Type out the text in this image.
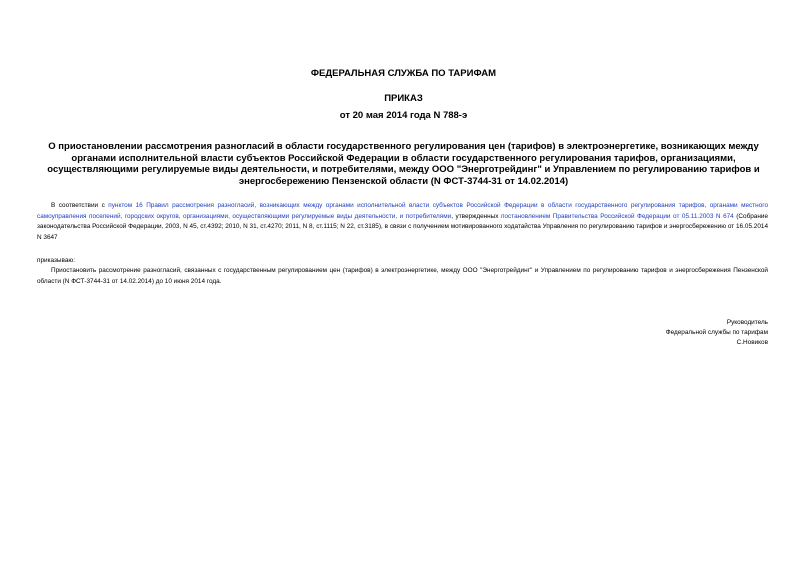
ФЕДЕРАЛЬНАЯ СЛУЖБА ПО ТАРИФАМ

ПРИКАЗ

от 20 мая 2014 года N 788-э

О приостановлении рассмотрения разногласий в области государственного регулирования цен (тарифов) в электроэнергетике, возникающих между органами исполнительной власти субъектов Российской Федерации в области государственного регулирования тарифов, организациями, осуществляющими регулируемые виды деятельности, и потребителями, между ООО "Энерготрейдинг" и Управлением по регулированию тарифов и энергосбережению Пензенской области (N ФСТ-3744-31 от 14.02.2014)

В соответствии с пунктом 16 Правил рассмотрения разногласий, возникающих между органами исполнительной власти субъектов Российской Федерации в области государственного регулирования тарифов, органами местного самоуправления поселений, городских округов, организациями, осуществляющими регулируемые виды деятельности, и потребителями, утвержденных постановлением Правительства Российской Федерации от 05.11.2003 N 674 (Собрание законодательства Российской Федерации, 2003, N 45, ст.4392; 2010, N 31, ст.4270; 2011, N 8, ст.1115; N 22, ст.3185), в связи с получением мотивированного ходатайства Управления по регулированию тарифов и энергосбережению от 16.05.2014 N 3647

приказываю:

Приостановить рассмотрение разногласий, связанных с государственным регулированием цен (тарифов) в электроэнергетике, между ООО "Энерготрейдинг" и Управлением по регулированию тарифов и энергосбережения Пензенской области (N ФСТ-3744-31 от 14.02.2014) до 10 июня 2014 года.

Руководитель

Федеральной службы по тарифам

С.Новиков
